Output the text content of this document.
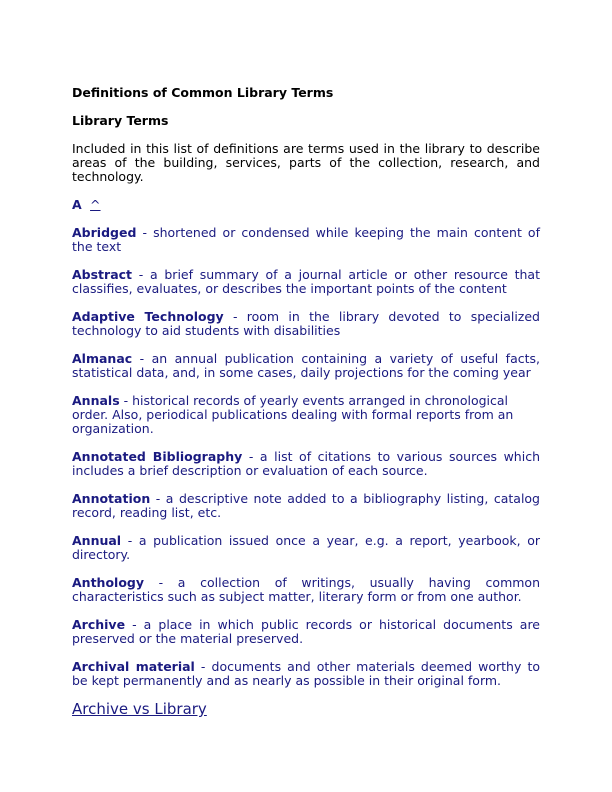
Definitions of Common Library Terms

Library Terms

Included in this list of definitions are terms used in the library to describe areas of the building, services, parts of the collection, research, and technology.

A ^

Abridged - shortened or condensed while keeping the main content of the text

Abstract - a brief summary of a journal article or other resource that classifies, evaluates, or describes the important points of the content

Adaptive Technology - room in the library devoted to specialized technology to aid students with disabilities

Almanac - an annual publication containing a variety of useful facts, statistical data, and, in some cases, daily projections for the coming year

Annals - historical records of yearly events arranged in chronological order. Also, periodical publications dealing with formal reports from an organization.

Annotated Bibliography - a list of citations to various sources which includes a brief description or evaluation of each source.

Annotation - a descriptive note added to a bibliography listing, catalog record, reading list, etc.

Annual - a publication issued once a year, e.g. a report, yearbook, or directory.

Anthology - a collection of writings, usually having common characteristics such as subject matter, literary form or from one author.

Archive - a place in which public records or historical documents are preserved or the material preserved.

Archival material - documents and other materials deemed worthy to be kept permanently and as nearly as possible in their original form.

Archive vs Library
